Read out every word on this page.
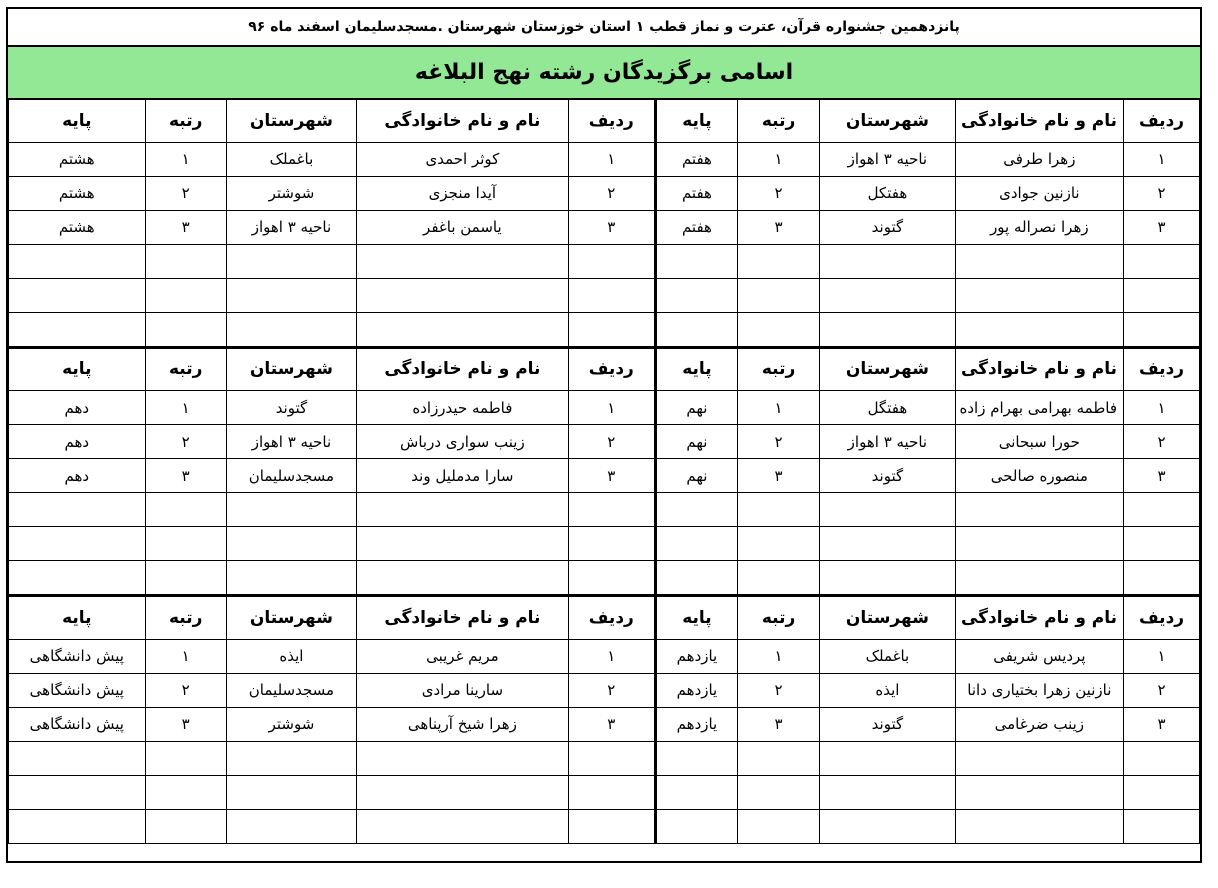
پانزدهمین جشنواره قرآن، عترت و نماز قطب ۱ استان خوزستان شهرستان .مسجدسلیمان اسفند ماه ۹۶
اسامی برگزیدگان رشته نهج البلاغه
ردیف	نام و نام خانوادگی	شهرستان	رتبه	پایه	ردیف	نام و نام خانوادگی	شهرستان	رتبه	پایه
۱	زهرا طرفی	ناحیه ۳ اهواز	۱	هفتم	۱	کوثر احمدی	باغملک	۱	هشتم
۲	نازنین جوادی	هفتکل	۲	هفتم	۲	آیدا منجزی	شوشتر	۲	هشتم
۳	زهرا نصراله پور	گتوند	۳	هفتم	۳	یاسمن باغفر	ناحیه ۳ اهواز	۳	هشتم

ردیف	نام و نام خانوادگی	شهرستان	رتبه	پایه	ردیف	نام و نام خانوادگی	شهرستان	رتبه	پایه
۱	فاطمه بهرامی بهرام زاده	هفتگل	۱	نهم	۱	فاطمه حیدرزاده	گتوند	۱	دهم
۲	حورا سبحانی	ناحیه ۳ اهواز	۲	نهم	۲	زینب سواری درباش	ناحیه ۳ اهواز	۲	دهم
۳	منصوره صالحی	گتوند	۳	نهم	۳	سارا مدملیل وند	مسجدسلیمان	۳	دهم

ردیف	نام و نام خانوادگی	شهرستان	رتبه	پایه	ردیف	نام و نام خانوادگی	شهرستان	رتبه	پایه
۱	پردیس شریفی	باغملک	۱	یازدهم	۱	مریم غریبی	ایذه	۱	پیش دانشگاهی
۲	نازنین زهرا بختیاری دانا	ایذه	۲	یازدهم	۲	سارینا مرادی	مسجدسلیمان	۲	پیش دانشگاهی
۳	زینب ضرغامی	گتوند	۳	یازدهم	۳	زهرا شیخ آرپناهی	شوشتر	۳	پیش دانشگاهی
